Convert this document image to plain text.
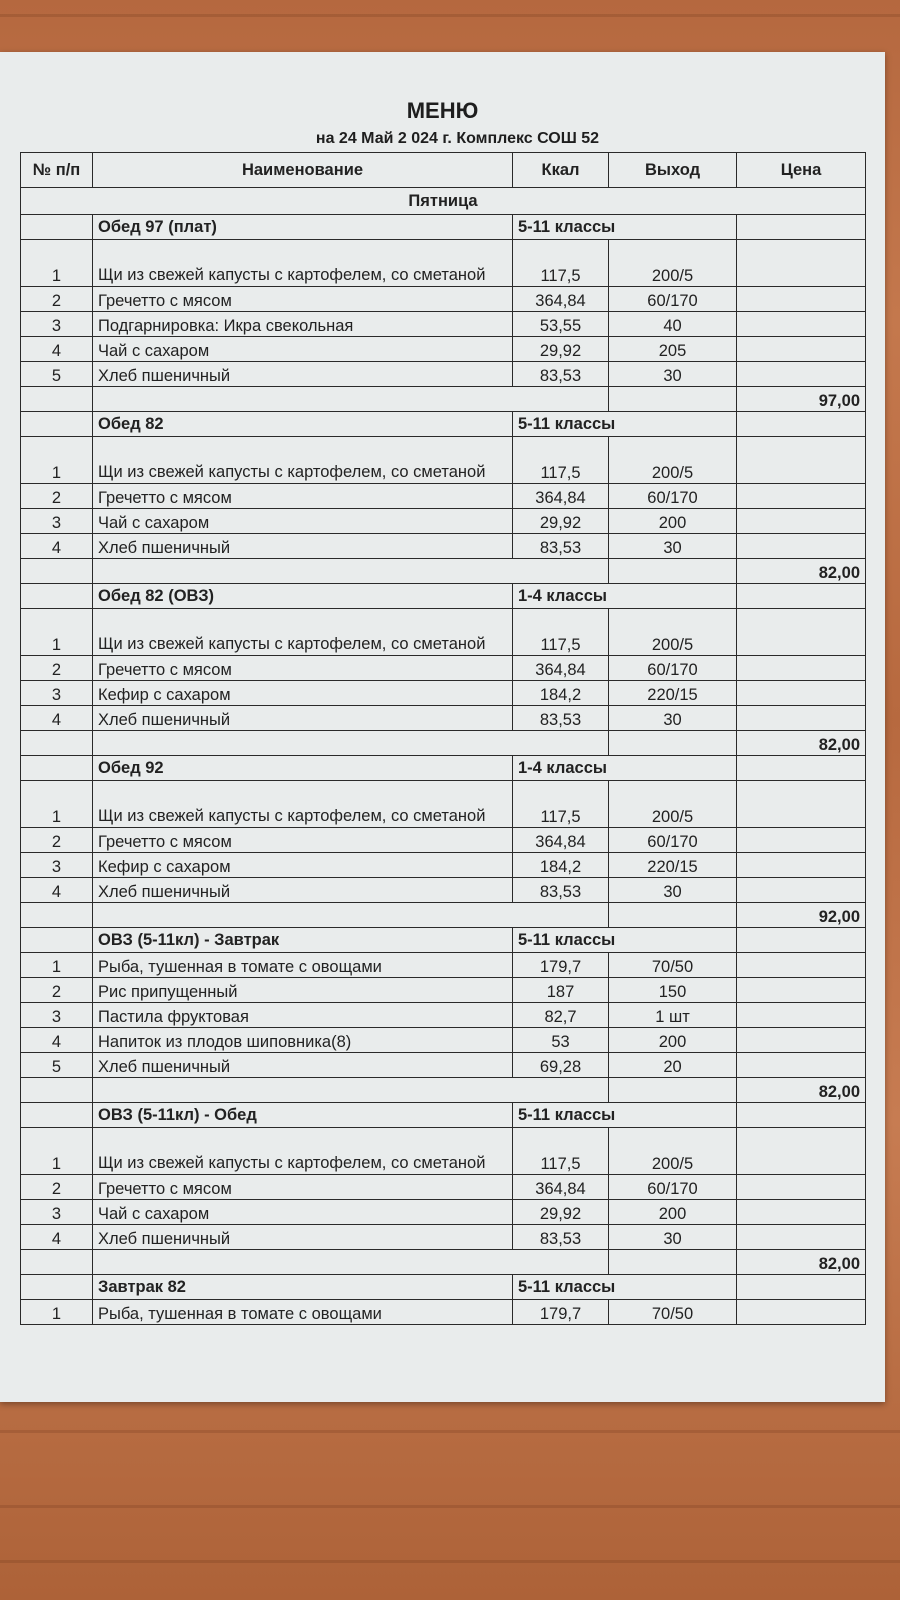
МЕНЮ
на 24 Май 2 024 г. Комплекс СОШ 52
№ п/п	Наименование	Ккал	Выход	Цена
Пятница				
	Обед 97 (плат)	5-11 классы		
1	Щи из свежей капусты с картофелем, со сметаной	117,5	200/5	
2	Гречетто с мясом	364,84	60/170	
3	Подгарнировка: Икра свекольная	53,55	40	
4	Чай с сахаром	29,92	205	
5	Хлеб пшеничный	83,53	30	
				97,00
	Обед 82	5-11 классы		
1	Щи из свежей капусты с картофелем, со сметаной	117,5	200/5	
2	Гречетто с мясом	364,84	60/170	
3	Чай с сахаром	29,92	200	
4	Хлеб пшеничный	83,53	30	
				82,00
	Обед 82 (ОВЗ)	1-4 классы		
1	Щи из свежей капусты с картофелем, со сметаной	117,5	200/5	
2	Гречетто с мясом	364,84	60/170	
3	Кефир с сахаром	184,2	220/15	
4	Хлеб пшеничный	83,53	30	
				82,00
	Обед 92	1-4 классы		
1	Щи из свежей капусты с картофелем, со сметаной	117,5	200/5	
2	Гречетто с мясом	364,84	60/170	
3	Кефир с сахаром	184,2	220/15	
4	Хлеб пшеничный	83,53	30	
				92,00
	ОВЗ (5-11кл) - Завтрак	5-11 классы		
1	Рыба, тушенная в томате с овощами	179,7	70/50	
2	Рис припущенный	187	150	
3	Пастила фруктовая	82,7	1 шт	
4	Напиток из плодов шиповника(8)	53	200	
5	Хлеб пшеничный	69,28	20	
				82,00
	ОВЗ (5-11кл) - Обед	5-11 классы		
1	Щи из свежей капусты с картофелем, со сметаной	117,5	200/5	
2	Гречетто с мясом	364,84	60/170	
3	Чай с сахаром	29,92	200	
4	Хлеб пшеничный	83,53	30	
				82,00
	Завтрак 82	5-11 классы		
1	Рыба, тушенная в томате с овощами	179,7	70/50	
